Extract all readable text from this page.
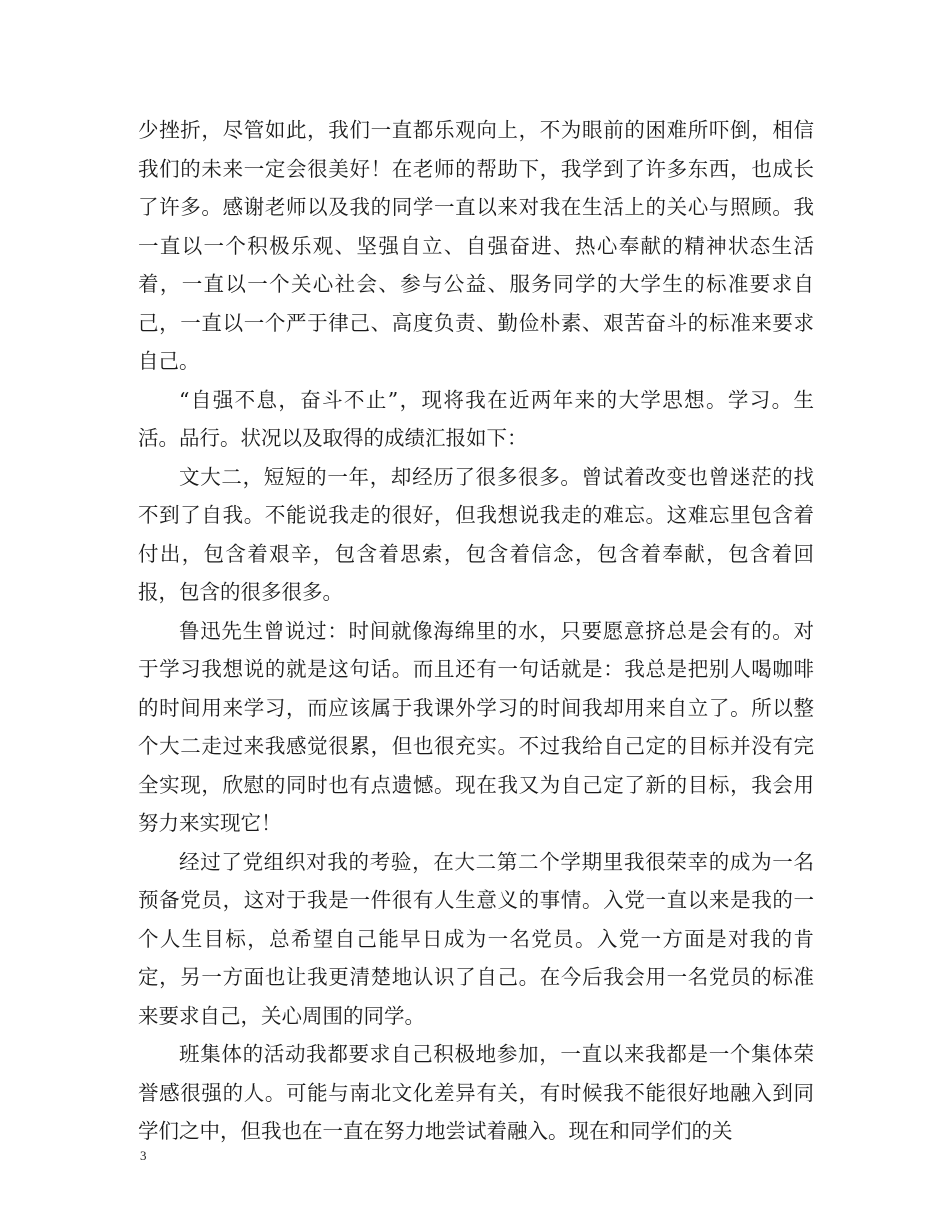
少挫折，尽管如此，我们一直都乐观向上，不为眼前的困难所吓倒，相信我们的未来一定会很美好！在老师的帮助下，我学到了许多东西，也成长了许多。感谢老师以及我的同学一直以来对我在生活上的关心与照顾。我一直以一个积极乐观、坚强自立、自强奋进、热心奉献的精神状态生活着，一直以一个关心社会、参与公益、服务同学的大学生的标准要求自己，一直以一个严于律己、高度负责、勤俭朴素、艰苦奋斗的标准来要求自己。

“自强不息，奋斗不止”，现将我在近两年来的大学思想。学习。生活。品行。状况以及取得的成绩汇报如下：

文大二，短短的一年，却经历了很多很多。曾试着改变也曾迷茫的找不到了自我。不能说我走的很好，但我想说我走的难忘。这难忘里包含着付出，包含着艰辛，包含着思索，包含着信念，包含着奉献，包含着回报，包含的很多很多。

鲁迅先生曾说过：时间就像海绵里的水，只要愿意挤总是会有的。对于学习我想说的就是这句话。而且还有一句话就是：我总是把别人喝咖啡的时间用来学习，而应该属于我课外学习的时间我却用来自立了。所以整个大二走过来我感觉很累，但也很充实。不过我给自己定的目标并没有完全实现，欣慰的同时也有点遗憾。现在我又为自己定了新的目标，我会用努力来实现它！

经过了党组织对我的考验，在大二第二个学期里我很荣幸的成为一名预备党员，这对于我是一件很有人生意义的事情。入党一直以来是我的一个人生目标，总希望自己能早日成为一名党员。入党一方面是对我的肯定，另一方面也让我更清楚地认识了自己。在今后我会用一名党员的标准来要求自己，关心周围的同学。

班集体的活动我都要求自己积极地参加，一直以来我都是一个集体荣誉感很强的人。可能与南北文化差异有关，有时候我不能很好地融入到同学们之中，但我也在一直在努力地尝试着融入。现在和同学们的关

3
